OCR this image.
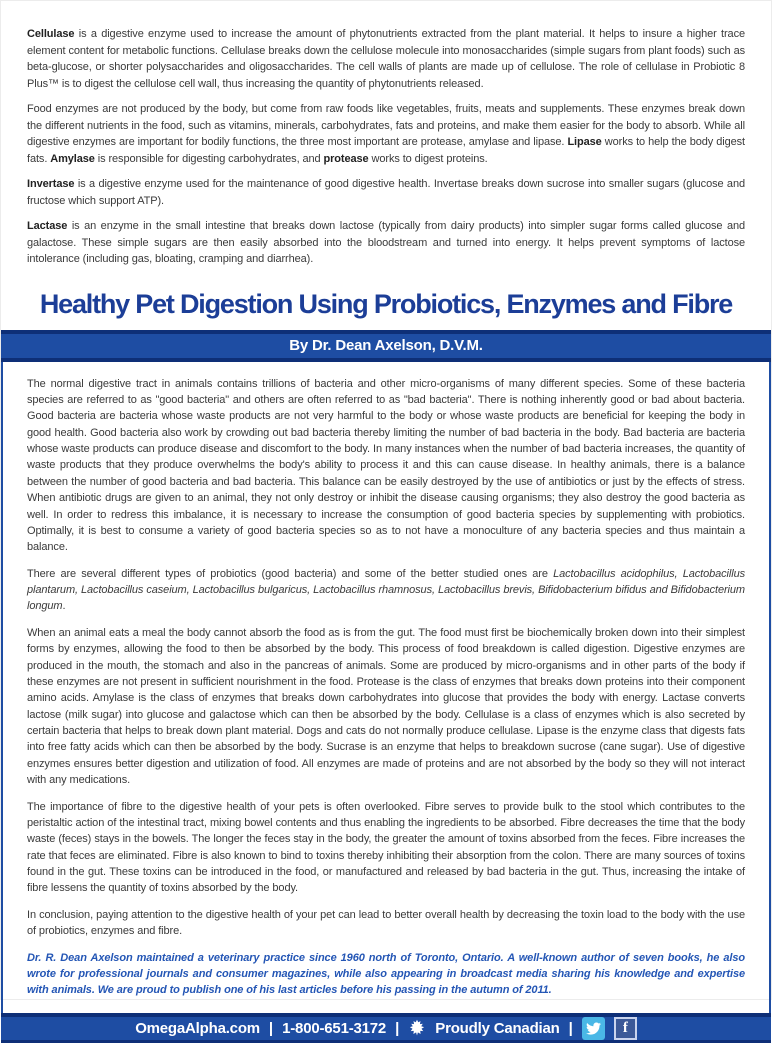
Cellulase is a digestive enzyme used to increase the amount of phytonutrients extracted from the plant material. It helps to insure a higher trace element content for metabolic functions. Cellulase breaks down the cellulose molecule into monosaccharides (simple sugars from plant foods) such as beta-glucose, or shorter polysaccharides and oligosaccharides. The cell walls of plants are made up of cellulose. The role of cellulase in Probiotic 8 Plus™ is to digest the cellulose cell wall, thus increasing the quantity of phytonutrients released.

Food enzymes are not produced by the body, but come from raw foods like vegetables, fruits, meats and supplements. These enzymes break down the different nutrients in the food, such as vitamins, minerals, carbohydrates, fats and proteins, and make them easier for the body to absorb. While all digestive enzymes are important for bodily functions, the three most important are protease, amylase and lipase. Lipase works to help the body digest fats. Amylase is responsible for digesting carbohydrates, and protease works to digest proteins.

Invertase is a digestive enzyme used for the maintenance of good digestive health. Invertase breaks down sucrose into smaller sugars (glucose and fructose which support ATP).

Lactase is an enzyme in the small intestine that breaks down lactose (typically from dairy products) into simpler sugar forms called glucose and galactose. These simple sugars are then easily absorbed into the bloodstream and turned into energy. It helps prevent symptoms of lactose intolerance (including gas, bloating, cramping and diarrhea).

Healthy Pet Digestion Using Probiotics, Enzymes and Fibre
By Dr. Dean Axelson, D.V.M.

The normal digestive tract in animals contains trillions of bacteria and other micro-organisms of many different species. Some of these bacteria species are referred to as "good bacteria" and others are often referred to as "bad bacteria". There is nothing inherently good or bad about bacteria. Good bacteria are bacteria whose waste products are not very harmful to the body or whose waste products are beneficial for keeping the body in good health. Good bacteria also work by crowding out bad bacteria thereby limiting the number of bad bacteria in the body. Bad bacteria are bacteria whose waste products can produce disease and discomfort to the body. In many instances when the number of bad bacteria increases, the quantity of waste products that they produce overwhelms the body's ability to process it and this can cause disease. In healthy animals, there is a balance between the number of good bacteria and bad bacteria. This balance can be easily destroyed by the use of antibiotics or just by the effects of stress. When antibiotic drugs are given to an animal, they not only destroy or inhibit the disease causing organisms; they also destroy the good bacteria as well. In order to redress this imbalance, it is necessary to increase the consumption of good bacteria species by supplementing with probiotics. Optimally, it is best to consume a variety of good bacteria species so as to not have a monoculture of any bacteria species and thus maintain a balance.

There are several different types of probiotics (good bacteria) and some of the better studied ones are Lactobacillus acidophilus, Lactobacillus plantarum, Lactobacillus caseium, Lactobacillus bulgaricus, Lactobacillus rhamnosus, Lactobacillus brevis, Bifidobacterium bifidus and Bifidobacterium longum.

When an animal eats a meal the body cannot absorb the food as is from the gut. The food must first be biochemically broken down into their simplest forms by enzymes, allowing the food to then be absorbed by the body. This process of food breakdown is called digestion. Digestive enzymes are produced in the mouth, the stomach and also in the pancreas of animals. Some are produced by micro-organisms and in other parts of the body if these enzymes are not present in sufficient nourishment in the food. Protease is the class of enzymes that breaks down proteins into their component amino acids. Amylase is the class of enzymes that breaks down carbohydrates into glucose that provides the body with energy. Lactase converts lactose (milk sugar) into glucose and galactose which can then be absorbed by the body. Cellulase is a class of enzymes which is also secreted by certain bacteria that helps to break down plant material. Dogs and cats do not normally produce cellulase. Lipase is the enzyme class that digests fats into free fatty acids which can then be absorbed by the body. Sucrase is an enzyme that helps to breakdown sucrose (cane sugar). Use of digestive enzymes ensures better digestion and utilization of food. All enzymes are made of proteins and are not absorbed by the body so they will not interact with any medications.

The importance of fibre to the digestive health of your pets is often overlooked. Fibre serves to provide bulk to the stool which contributes to the peristaltic action of the intestinal tract, mixing bowel contents and thus enabling the ingredients to be absorbed. Fibre decreases the time that the body waste (feces) stays in the bowels. The longer the feces stay in the body, the greater the amount of toxins absorbed from the feces. Fibre increases the rate that feces are eliminated. Fibre is also known to bind to toxins thereby inhibiting their absorption from the colon. There are many sources of toxins found in the gut. These toxins can be introduced in the food, or manufactured and released by bad bacteria in the gut. Thus, increasing the intake of fibre lessens the quantity of toxins absorbed by the body.

In conclusion, paying attention to the digestive health of your pet can lead to better overall health by decreasing the toxin load to the body with the use of probiotics, enzymes and fibre.

Dr. R. Dean Axelson maintained a veterinary practice since 1960 north of Toronto, Ontario. A well-known author of seven books, he also wrote for professional journals and consumer magazines, while also appearing in broadcast media sharing his knowledge and expertise with animals. We are proud to publish one of his last articles before his passing in the autumn of 2011.

OmegaAlpha.com | 1-800-651-3172 | Proudly Canadian |	f
